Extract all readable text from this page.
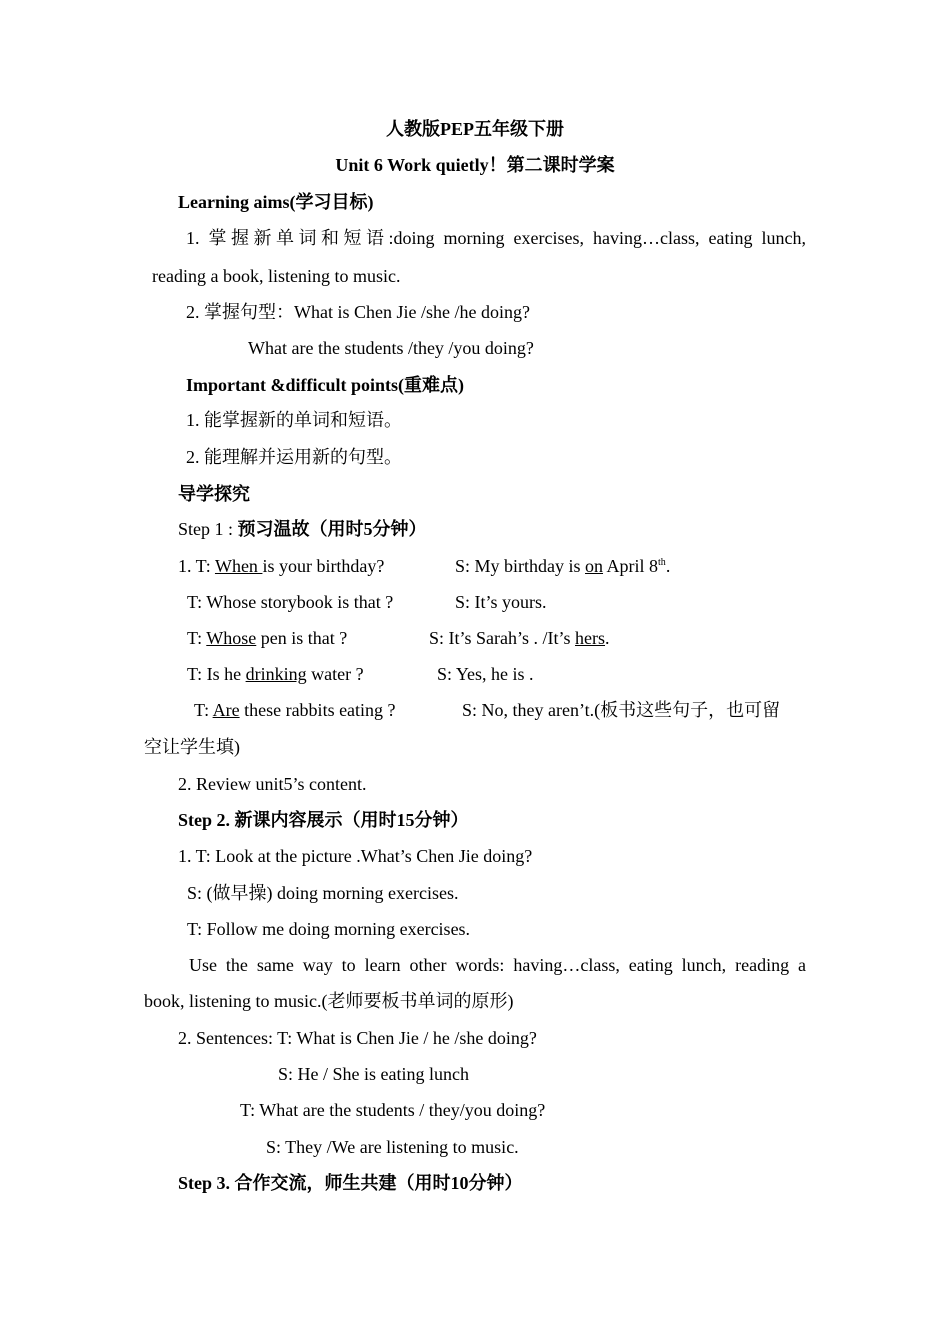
人教版PEP五年级下册
Unit 6 Work quietly！第二课时学案
Learning aims(学习目标)
1. 掌握新单词和短语:doing morning exercises, having…class, eating lunch,
reading a book, listening to music.
2. 掌握句型：What is Chen Jie /she /he doing?
What are the students /they /you doing?
Important &difficult points(重难点)
1. 能掌握新的单词和短语。
2. 能理解并运用新的句型。
导学探究
Step 1 : 预习温故（用时5分钟）
1. T: When is your birthday?	S: My birthday is on April 8th.
T: Whose storybook is that ?	S: It’s yours.
T: Whose pen is that ?	S: It’s Sarah’s . /It’s hers.
T: Is he drinking water ?	S: Yes, he is .
T: Are these rabbits eating ?	S: No, they aren’t.(板书这些句子，也可留
空让学生填)
2. Review unit5’s content.
Step 2. 新课内容展示（用时15分钟）
1. T: Look at the picture .What’s Chen Jie doing?
S: (做早操) doing morning exercises.
T: Follow me doing morning exercises.
Use the same way to learn other words: having…class, eating lunch, reading a
book, listening to music.(老师要板书单词的原形)
2. Sentences: T: What is Chen Jie / he /she doing?
S: He / She is eating lunch
T: What are the students / they/you doing?
S: They /We are listening to music.
Step 3. 合作交流，师生共建（用时10分钟）
